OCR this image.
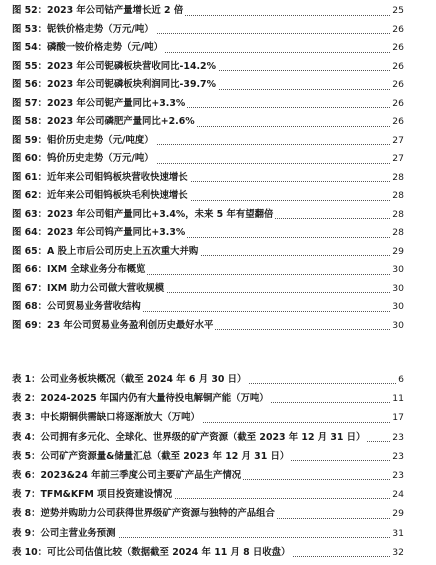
图 52：2023 年公司钴产量增长近 2 倍	25
图 53：铌铁价格走势（万元/吨）	26
图 54：磷酸一铵价格走势（元/吨）	26
图 55：2023 年公司铌磷板块营收同比-14.2%	26
图 56：2023 年公司铌磷板块利润同比-39.7%	26
图 57：2023 年公司铌产量同比+3.3%	26
图 58：2023 年公司磷肥产量同比+2.6%	26
图 59：钼价历史走势（元/吨度）	27
图 60：钨价历史走势（万元/吨）	27
图 61：近年来公司钼钨板块营收快速增长	28
图 62：近年来公司钼钨板块毛利快速增长	28
图 63：2023 年公司钼产量同比+3.4%，未来 5 年有望翻倍	28
图 64：2023 年公司钨产量同比+3.3%	28
图 65：A 股上市后公司历史上五次重大并购	29
图 66：IXM 全球业务分布概览	30
图 67：IXM 助力公司做大营收规模	30
图 68：公司贸易业务营收结构	30
图 69：23 年公司贸易业务盈利创历史最好水平	30
表 1：公司业务板块概况（截至 2024 年 6 月 30 日）	6
表 2：2024-2025 年国内仍有大量待投电解铜产能（万吨）	11
表 3：中长期铜供需缺口将逐渐放大（万吨）	17
表 4：公司拥有多元化、全球化、世界级的矿产资源（截至 2023 年 12 月 31 日）	23
表 5：公司矿产资源量&储量汇总（截至 2023 年 12 月 31 日）	23
表 6：2023&24 年前三季度公司主要矿产品生产情况	23
表 7：TFM&KFM 项目投资建设情况	24
表 8：逆势并购助力公司获得世界级矿产资源与独特的产品组合	29
表 9：公司主营业务预测	31
表 10：可比公司估值比较（数据截至 2024 年 11 月 8 日收盘）	32
